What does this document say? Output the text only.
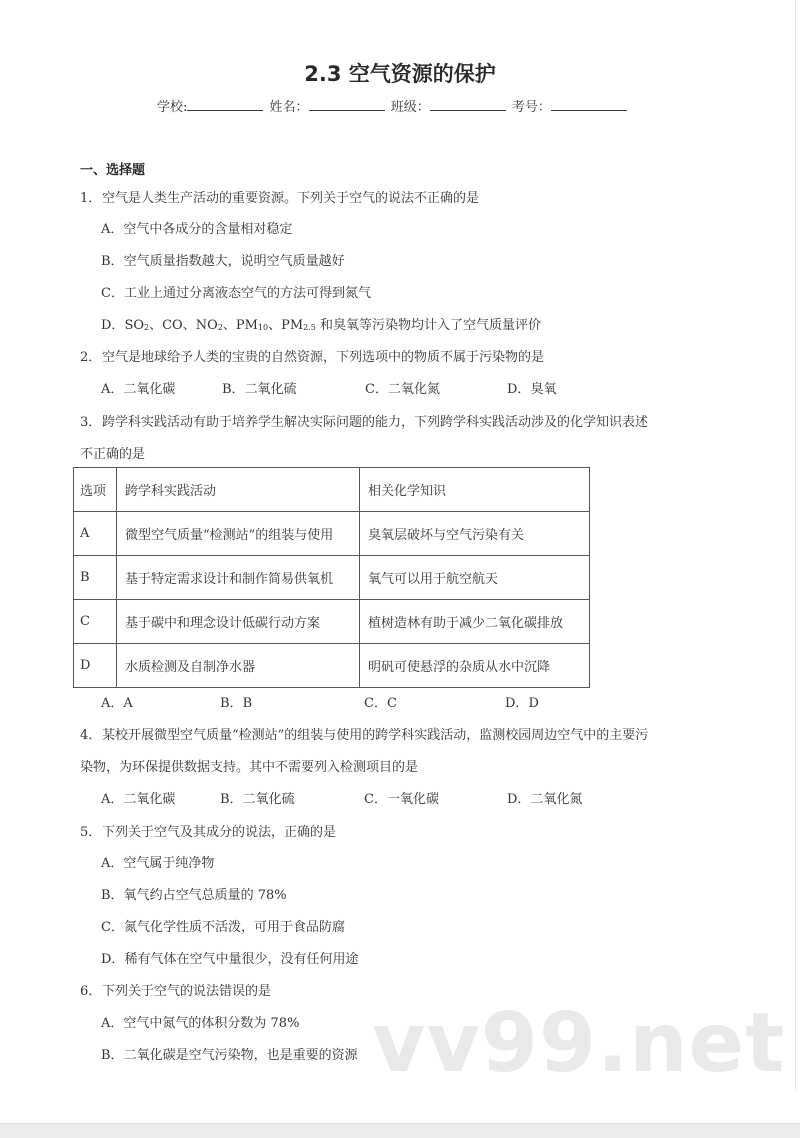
2.3 空气资源的保护
学校:	姓名：	班级：	考号：
一、选择题
1．空气是人类生产活动的重要资源。下列关于空气的说法不正确的是
A．空气中各成分的含量相对稳定
B．空气质量指数越大，说明空气质量越好
C．工业上通过分离液态空气的方法可得到氮气
D．$SO_2$、CO、$NO_2$、$PM_{10}$、$PM_{2.5}$ 和臭氧等污染物均计入了空气质量评价
2．空气是地球给予人类的宝贵的自然资源，下列选项中的物质不属于污染物的是
A．二氧化碳	B．二氧化硫	C．二氧化氮	D．臭氧
3．跨学科实践活动有助于培养学生解决实际问题的能力，下列跨学科实践活动涉及的化学知识表述
不正确的是
选项	跨学科实践活动	相关化学知识
A	微型空气质量“检测站”的组装与使用	臭氧层破坏与空气污染有关
B	基于特定需求设计和制作简易供氧机	氧气可以用于航空航天
C	基于碳中和理念设计低碳行动方案	植树造林有助于减少二氧化碳排放
D	水质检测及自制净水器	明矾可使悬浮的杂质从水中沉降
A．A	B．B	C．C	D．D
4．某校开展微型空气质量“检测站”的组装与使用的跨学科实践活动，监测校园周边空气中的主要污
染物，为环保提供数据支持。其中不需要列入检测项目的是
A．二氧化碳	B．二氧化硫	C．一氧化碳	D．二氧化氮
5．下列关于空气及其成分的说法，正确的是
A．空气属于纯净物
B．氧气约占空气总质量的 78%
C．氮气化学性质不活泼，可用于食品防腐
D．稀有气体在空气中量很少，没有任何用途
6．下列关于空气的说法错误的是
A．空气中氮气的体积分数为 78%
B．二氧化碳是空气污染物，也是重要的资源 vv99.net
